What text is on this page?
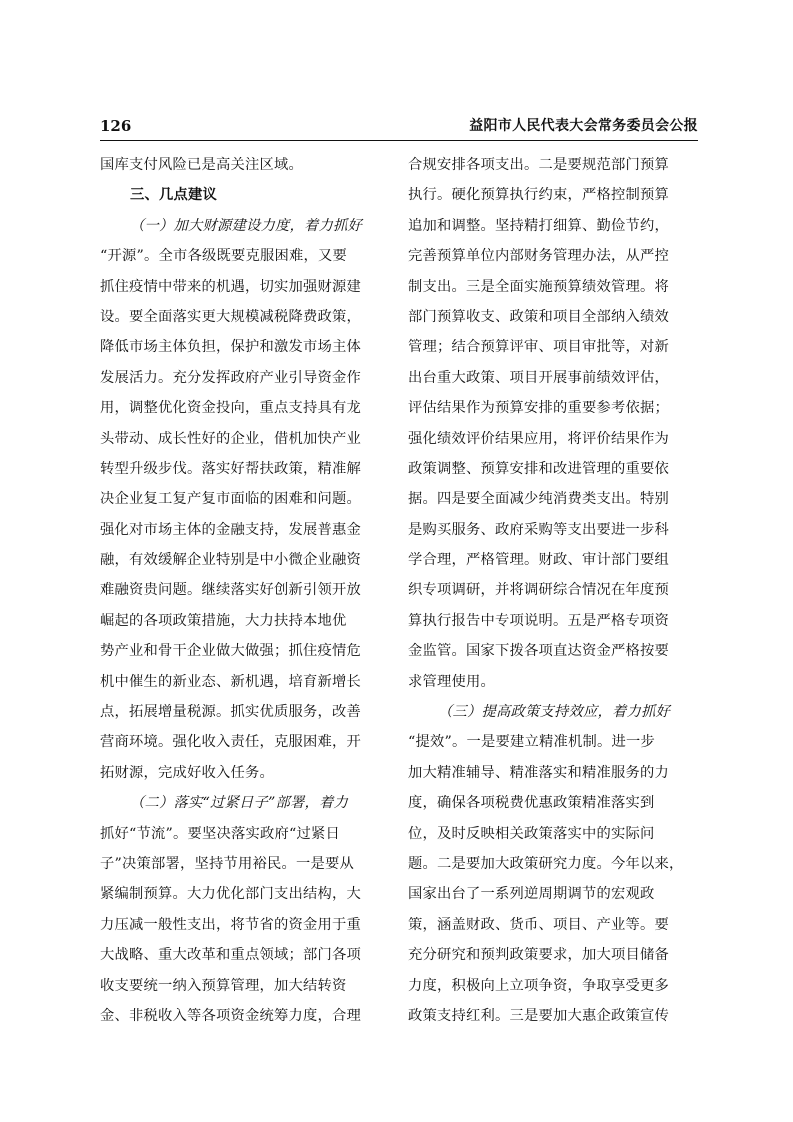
126	益阳市人民代表大会常务委员会公报
国库支付风险已是高关注区域。
三、几点建议
（一）加大财源建设力度，着力抓好
“开源”。全市各级既要克服困难，又要
抓住疫情中带来的机遇，切实加强财源建
设。要全面落实更大规模减税降费政策，
降低市场主体负担，保护和激发市场主体
发展活力。充分发挥政府产业引导资金作
用，调整优化资金投向，重点支持具有龙
头带动、成长性好的企业，借机加快产业
转型升级步伐。落实好帮扶政策，精准解
决企业复工复产复市面临的困难和问题。
强化对市场主体的金融支持，发展普惠金
融，有效缓解企业特别是中小微企业融资
难融资贵问题。继续落实好创新引领开放
崛起的各项政策措施，大力扶持本地优
势产业和骨干企业做大做强；抓住疫情危
机中催生的新业态、新机遇，培育新增长
点，拓展增量税源。抓实优质服务，改善
营商环境。强化收入责任，克服困难，开
拓财源，完成好收入任务。
（二）落实“过紧日子”部署，着力
抓好“节流”。要坚决落实政府“过紧日
子”决策部署，坚持节用裕民。一是要从
紧编制预算。大力优化部门支出结构，大
力压减一般性支出，将节省的资金用于重
大战略、重大改革和重点领域；部门各项
收支要统一纳入预算管理，加大结转资
金、非税收入等各项资金统筹力度，合理
合规安排各项支出。二是要规范部门预算
执行。硬化预算执行约束，严格控制预算
追加和调整。坚持精打细算、勤俭节约，
完善预算单位内部财务管理办法，从严控
制支出。三是全面实施预算绩效管理。将
部门预算收支、政策和项目全部纳入绩效
管理；结合预算评审、项目审批等，对新
出台重大政策、项目开展事前绩效评估，
评估结果作为预算安排的重要参考依据；
强化绩效评价结果应用，将评价结果作为
政策调整、预算安排和改进管理的重要依
据。四是要全面减少纯消费类支出。特别
是购买服务、政府采购等支出要进一步科
学合理，严格管理。财政、审计部门要组
织专项调研，并将调研综合情况在年度预
算执行报告中专项说明。五是严格专项资
金监管。国家下拨各项直达资金严格按要
求管理使用。
（三）提高政策支持效应，着力抓好
“提效”。一是要建立精准机制。进一步
加大精准辅导、精准落实和精准服务的力
度，确保各项税费优惠政策精准落实到
位，及时反映相关政策落实中的实际问
题。二是要加大政策研究力度。今年以来，
国家出台了一系列逆周期调节的宏观政
策，涵盖财政、货币、项目、产业等。要
充分研究和预判政策要求，加大项目储备
力度，积极向上立项争资，争取享受更多
政策支持红利。三是要加大惠企政策宣传
